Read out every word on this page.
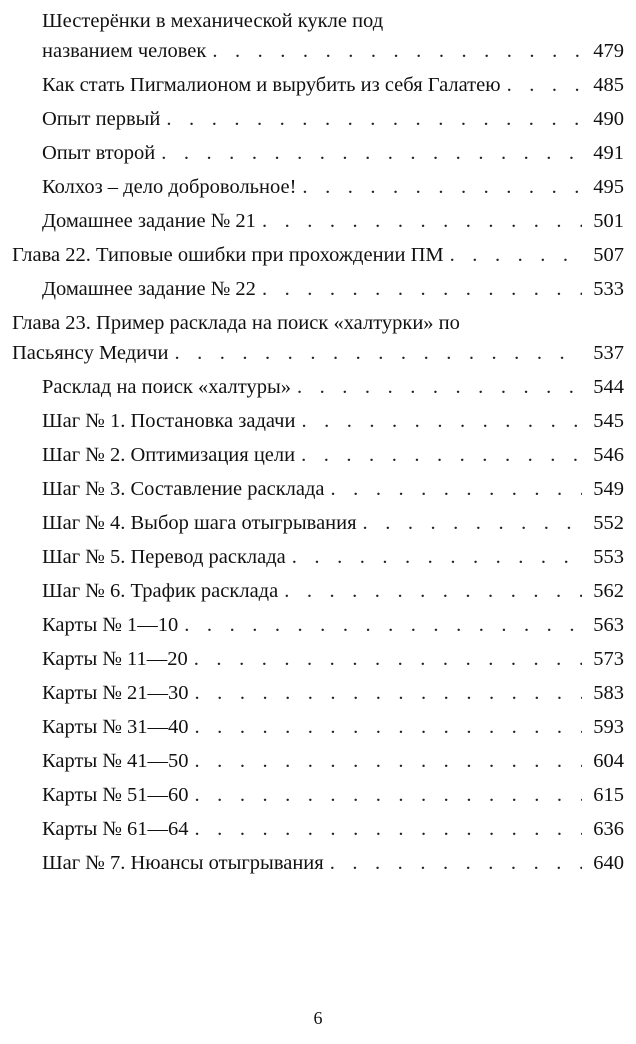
Шестерёнки в механической кукле под
названием человек . . .	479
Как стать Пигмалионом и вырубить из себя Галатею . . .	485
Опыт первый . . .	490
Опыт второй . . .	491
Колхоз – дело добровольное! . . .	495
Домашнее задание № 21 . . .	501
Глава 22. Типовые ошибки при прохождении ПМ . . .	507
Домашнее задание № 22 . . .	533
Глава 23. Пример расклада на поиск «халтурки» по
Пасьянсу Медичи . . .	537
Расклад на поиск «халтуры» . . .	544
Шаг № 1. Постановка задачи . . .	545
Шаг № 2. Оптимизация цели . . .	546
Шаг № 3. Составление расклада . . .	549
Шаг № 4. Выбор шага отыгрывания . . .	552
Шаг № 5. Перевод расклада . . .	553
Шаг № 6. Трафик расклада . . .	562
Карты № 1—10 . . .	563
Карты № 11—20 . . .	573
Карты № 21—30 . . .	583
Карты № 31—40 . . .	593
Карты № 41—50 . . .	604
Карты № 51—60 . . .	615
Карты № 61—64 . . .	636
Шаг № 7. Нюансы отыгрывания . . .	640
6
